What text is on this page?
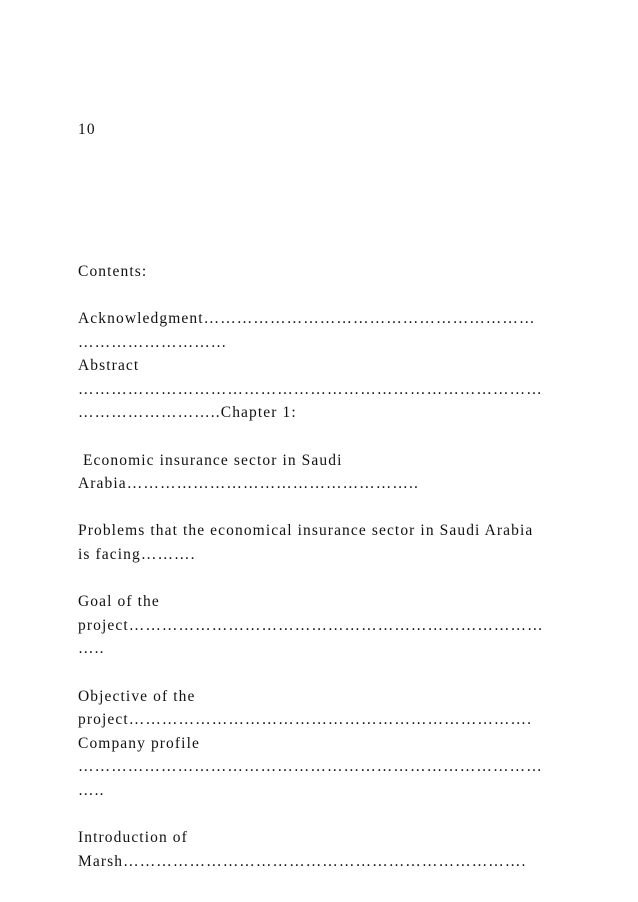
10

Contents:

Acknowledgment……………………………………………………
………………………
Abstract
…………………………………………………………………………
……………………..Chapter 1:

Economic insurance sector in Saudi
Arabia……………………………………………..

Problems that the economical insurance sector in Saudi Arabia
is facing……….

Goal of the
project…………………………………………………………………
…..

Objective of the
project……………………………………………………………….
Company profile
…………………………………………………………………………
…..

Introduction of
Marsh……………………………………………………………….
